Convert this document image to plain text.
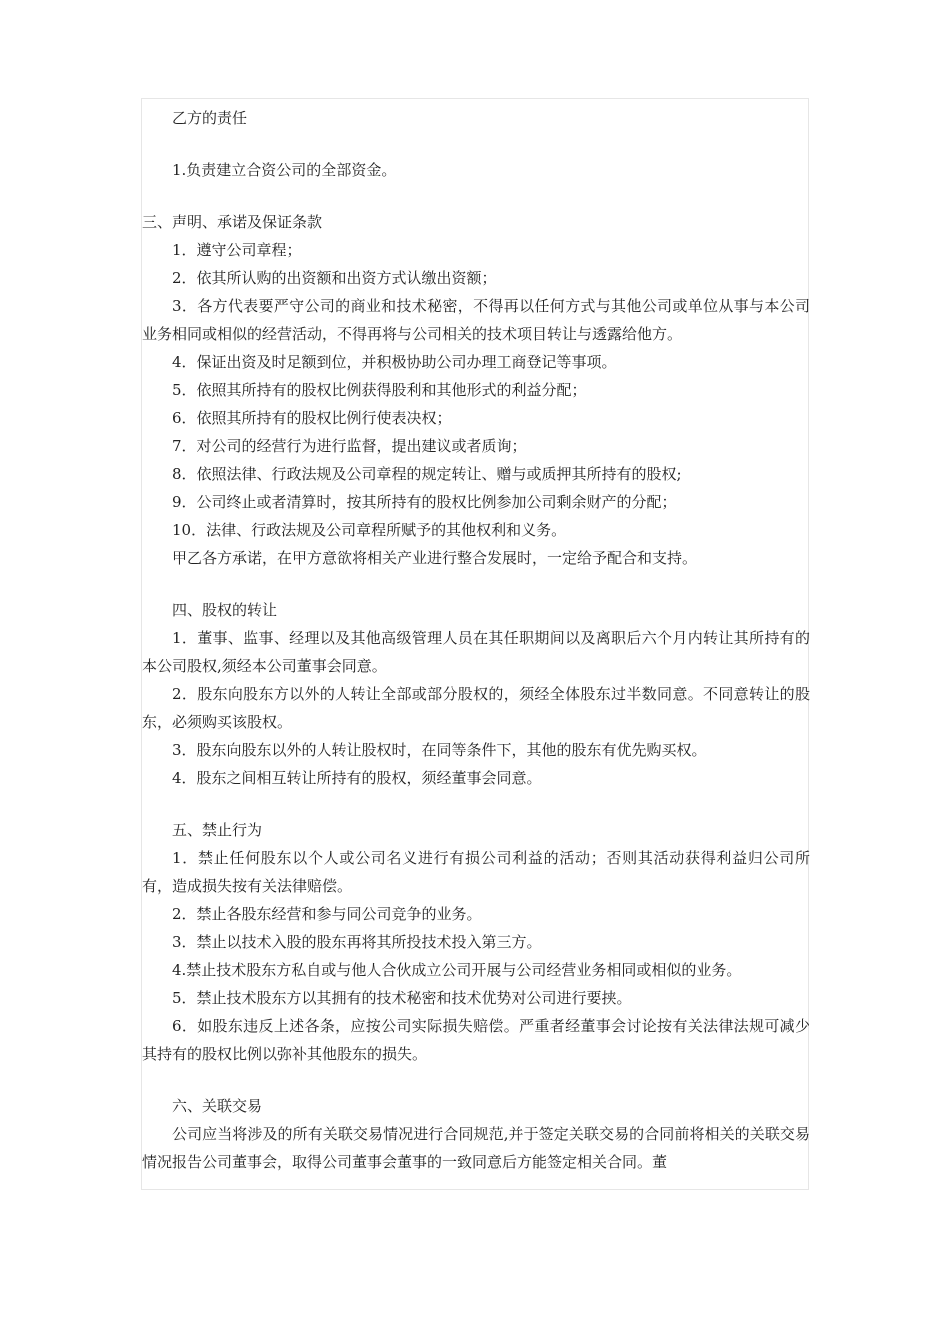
乙方的责任

1.负责建立合资公司的全部资金。

三、声明、承诺及保证条款

1．遵守公司章程；

2．依其所认购的出资额和出资方式认缴出资额；

3．各方代表要严守公司的商业和技术秘密，不得再以任何方式与其他公司或单位从事与本公司业务相同或相似的经营活动，不得再将与公司相关的技术项目转让与透露给他方。

4．保证出资及时足额到位，并积极协助公司办理工商登记等事项。

5．依照其所持有的股权比例获得股利和其他形式的利益分配；

6．依照其所持有的股权比例行使表决权；

7．对公司的经营行为进行监督，提出建议或者质询；

8．依照法律、行政法规及公司章程的规定转让、赠与或质押其所持有的股权;

9．公司终止或者清算时，按其所持有的股权比例参加公司剩余财产的分配；

10．法律、行政法规及公司章程所赋予的其他权利和义务。

甲乙各方承诺，在甲方意欲将相关产业进行整合发展时，一定给予配合和支持。

四、股权的转让

1．董事、监事、经理以及其他高级管理人员在其任职期间以及离职后六个月内转让其所持有的本公司股权,须经本公司董事会同意。

2．股东向股东方以外的人转让全部或部分股权的，须经全体股东过半数同意。不同意转让的股东，必须购买该股权。

3．股东向股东以外的人转让股权时，在同等条件下，其他的股东有优先购买权。

4．股东之间相互转让所持有的股权，须经董事会同意。

五、禁止行为

1．禁止任何股东以个人或公司名义进行有损公司利益的活动；否则其活动获得利益归公司所有，造成损失按有关法律赔偿。

2．禁止各股东经营和参与同公司竞争的业务。

3．禁止以技术入股的股东再将其所投技术投入第三方。

4.禁止技术股东方私自或与他人合伙成立公司开展与公司经营业务相同或相似的业务。

5．禁止技术股东方以其拥有的技术秘密和技术优势对公司进行要挟。

6．如股东违反上述各条，应按公司实际损失赔偿。严重者经董事会讨论按有关法律法规可减少其持有的股权比例以弥补其他股东的损失。

六、关联交易

公司应当将涉及的所有关联交易情况进行合同规范,并于签定关联交易的合同前将相关的关联交易情况报告公司董事会，取得公司董事会董事的一致同意后方能签定相关合同。董
